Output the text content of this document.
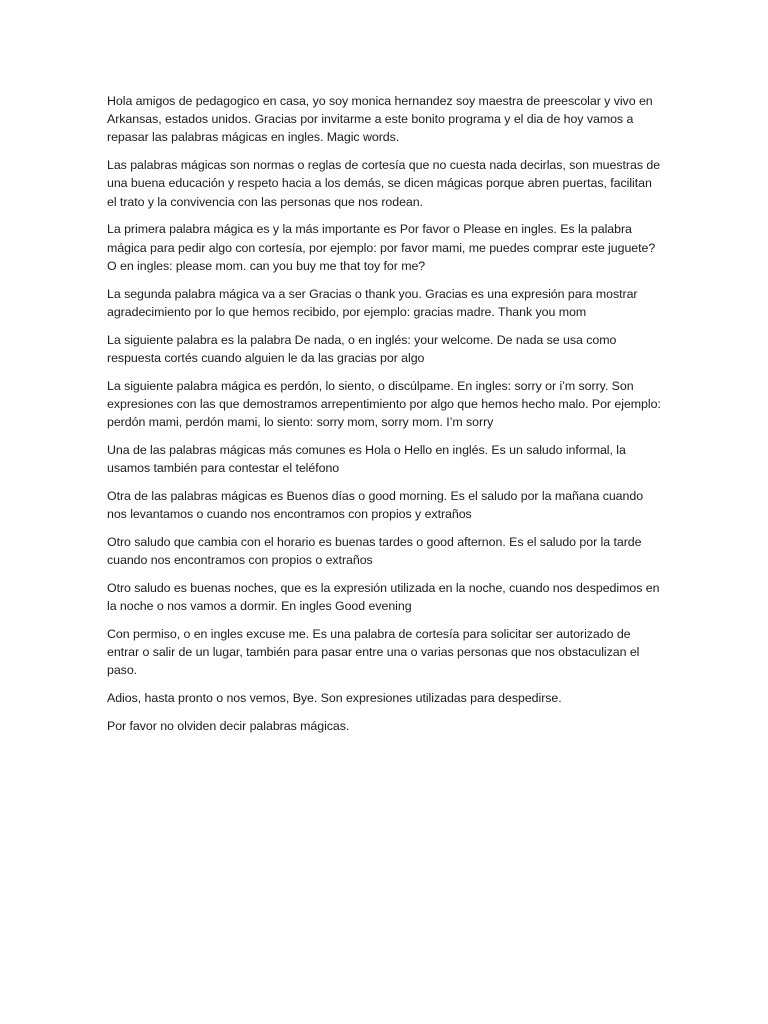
Hola amigos de pedagogico en casa, yo soy monica hernandez soy maestra de preescolar y vivo en Arkansas, estados unidos. Gracias por invitarme a este bonito programa y el dia de hoy vamos a repasar las palabras mágicas en ingles. Magic words.

Las palabras mágicas son normas o reglas de cortesía que no cuesta nada decirlas, son muestras de una buena educación y respeto hacia a los demás, se dicen mágicas porque abren puertas, facilitan el trato y la convivencia con las personas que nos rodean.

La primera palabra mágica es y la más importante es Por favor o Please en ingles. Es la palabra mágica para pedir algo con cortesía, por ejemplo: por favor mami, me puedes comprar este juguete? O en ingles: please mom. can you buy me that toy for me?

La segunda palabra mágica va a ser Gracias o thank you. Gracias es una expresión para mostrar agradecimiento por lo que hemos recibido, por ejemplo: gracias madre. Thank you mom

La siguiente palabra es la palabra De nada, o en inglés: your welcome. De nada se usa como respuesta cortés cuando alguien le da las gracias por algo

La siguiente palabra mágica es perdón, lo siento, o discúlpame. En ingles: sorry or i’m sorry. Son expresiones con las que demostramos arrepentimiento por algo que hemos hecho malo. Por ejemplo: perdón mami, perdón mami, lo siento: sorry mom, sorry mom. I’m sorry

Una de las palabras mágicas más comunes es Hola o Hello en inglés. Es un saludo informal, la usamos también para contestar el teléfono

Otra de las palabras mágicas es Buenos días o good morning. Es el saludo por la mañana cuando nos levantamos o cuando nos encontramos con propios y extraños

Otro saludo que cambia con el horario es buenas tardes o good afternon. Es el saludo por la tarde cuando nos encontramos con propios o extraños

Otro saludo es buenas noches, que es la expresión utilizada en la noche, cuando nos despedimos en la noche o nos vamos a dormir. En ingles Good evening

Con permiso, o en ingles excuse me. Es una palabra de cortesía para solicitar ser autorizado de entrar o salir de un lugar, también para pasar entre una o varias personas que nos obstaculizan el paso.

Adios, hasta pronto o nos vemos, Bye. Son expresiones utilizadas para despedirse.

Por favor no olviden decir palabras mágicas.
